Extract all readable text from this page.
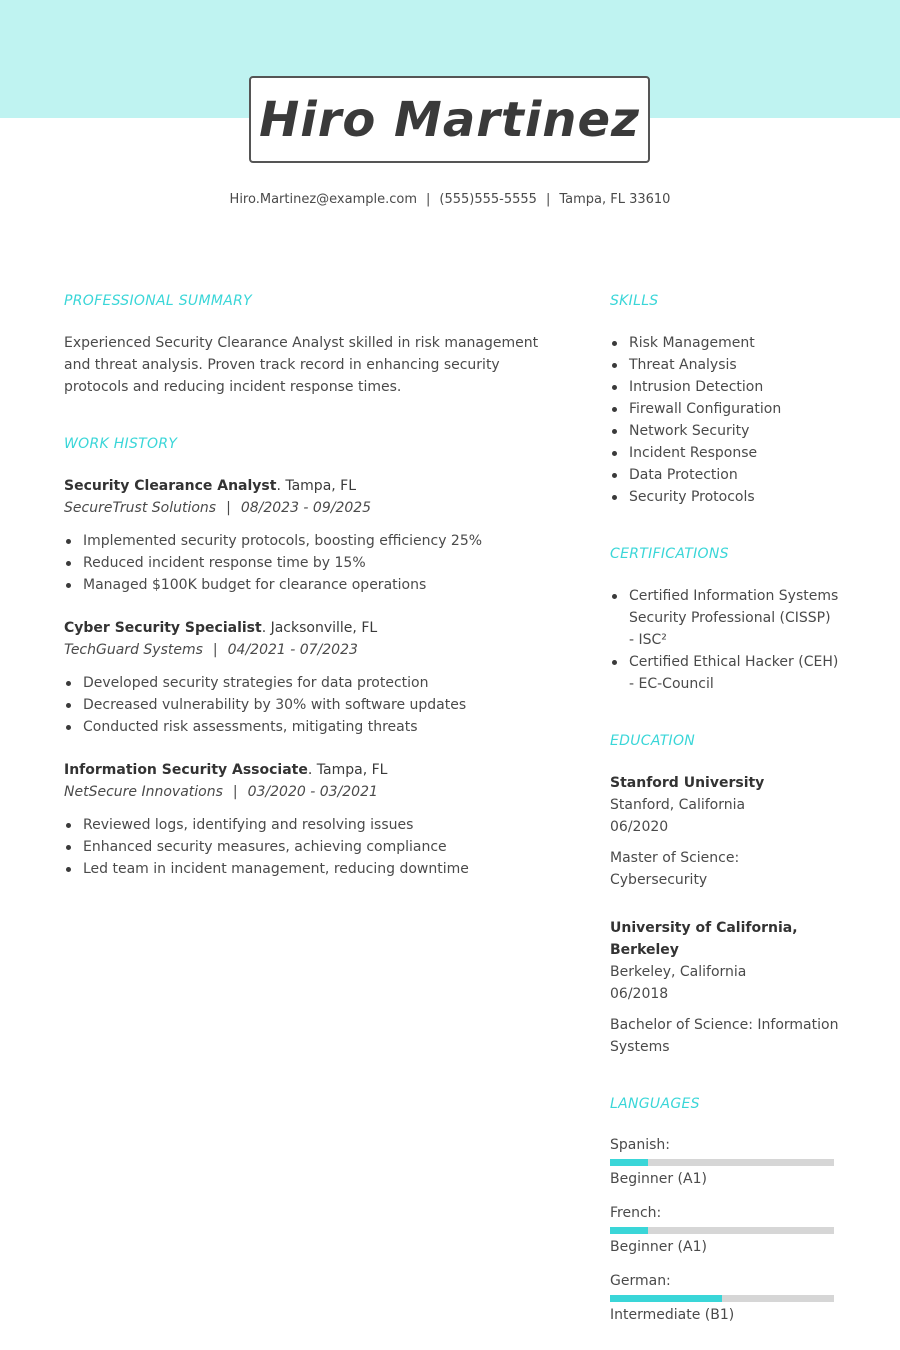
Hiro Martinez
Hiro.Martinez@example.com | (555)555-5555 | Tampa, FL 33610
PROFESSIONAL SUMMARY

Experienced Security Clearance Analyst skilled in risk management and threat analysis. Proven track record in enhancing security protocols and reducing incident response times.

WORK HISTORY
Security Clearance Analyst. Tampa, FL
SecureTrust Solutions | 08/2023 - 09/2025
Implemented security protocols, boosting efficiency 25%
Reduced incident response time by 15%
Managed $100K budget for clearance operations
Cyber Security Specialist. Jacksonville, FL
TechGuard Systems | 04/2021 - 07/2023
Developed security strategies for data protection
Decreased vulnerability by 30% with software updates
Conducted risk assessments, mitigating threats
Information Security Associate. Tampa, FL
NetSecure Innovations | 03/2020 - 03/2021
Reviewed logs, identifying and resolving issues
Enhanced security measures, achieving compliance
Led team in incident management, reducing downtime
SKILLS
Risk Management
Threat Analysis
Intrusion Detection
Firewall Configuration
Network Security
Incident Response
Data Protection
Security Protocols
CERTIFICATIONS
Certified Information Systems Security Professional (CISSP) - ISC²
Certified Ethical Hacker (CEH) - EC-Council
EDUCATION
Stanford University
Stanford, California
06/2020
Master of Science: Cybersecurity
University of California, Berkeley
Berkeley, California
06/2018
Bachelor of Science: Information Systems
LANGUAGES
Spanish:
Beginner (A1)
French:
Beginner (A1)
German:
Intermediate (B1)
